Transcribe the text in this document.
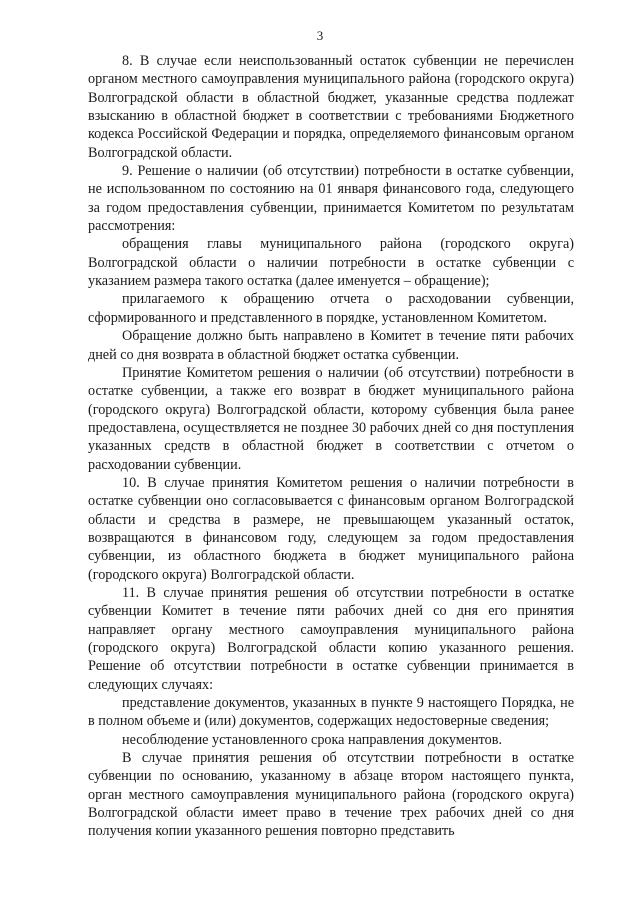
3

8. В случае если неиспользованный остаток субвенции не перечислен органом местного самоуправления муниципального района (городского округа) Волгоградской области в областной бюджет, указанные средства подлежат взысканию в областной бюджет в соответствии с требованиями Бюджетного кодекса Российской Федерации и порядка, определяемого финансовым органом Волгоградской области.

9. Решение о наличии (об отсутствии) потребности в остатке субвенции, не использованном по состоянию на 01 января финансового года, следующего за годом предоставления субвенции, принимается Комитетом по результатам рассмотрения:

обращения главы муниципального района (городского округа) Волгоградской области о наличии потребности в остатке субвенции с указанием размера такого остатка (далее именуется – обращение);

прилагаемого к обращению отчета о расходовании субвенции, сформированного и представленного в порядке, установленном Комитетом.

Обращение должно быть направлено в Комитет в течение пяти рабочих дней со дня возврата в областной бюджет остатка субвенции.

Принятие Комитетом решения о наличии (об отсутствии) потребности в остатке субвенции, а также его возврат в бюджет муниципального района (городского округа) Волгоградской области, которому субвенция была ранее предоставлена, осуществляется не позднее 30 рабочих дней со дня поступления указанных средств в областной бюджет в соответствии с отчетом о расходовании субвенции.

10. В случае принятия Комитетом решения о наличии потребности в остатке субвенции оно согласовывается с финансовым органом Волгоградской области и средства в размере, не превышающем указанный остаток, возвращаются в финансовом году, следующем за годом предоставления субвенции, из областного бюджета в бюджет муниципального района (городского округа) Волгоградской области.

11. В случае принятия решения об отсутствии потребности в остатке субвенции Комитет в течение пяти рабочих дней со дня его принятия направляет органу местного самоуправления муниципального района (городского округа) Волгоградской области копию указанного решения. Решение об отсутствии потребности в остатке субвенции принимается в следующих случаях:

представление документов, указанных в пункте 9 настоящего Порядка, не в полном объеме и (или) документов, содержащих недостоверные сведения;

несоблюдение установленного срока направления документов.

В случае принятия решения об отсутствии потребности в остатке субвенции по основанию, указанному в абзаце втором настоящего пункта, орган местного самоуправления муниципального района (городского округа) Волгоградской области имеет право в течение трех рабочих дней со дня получения копии указанного решения повторно представить
